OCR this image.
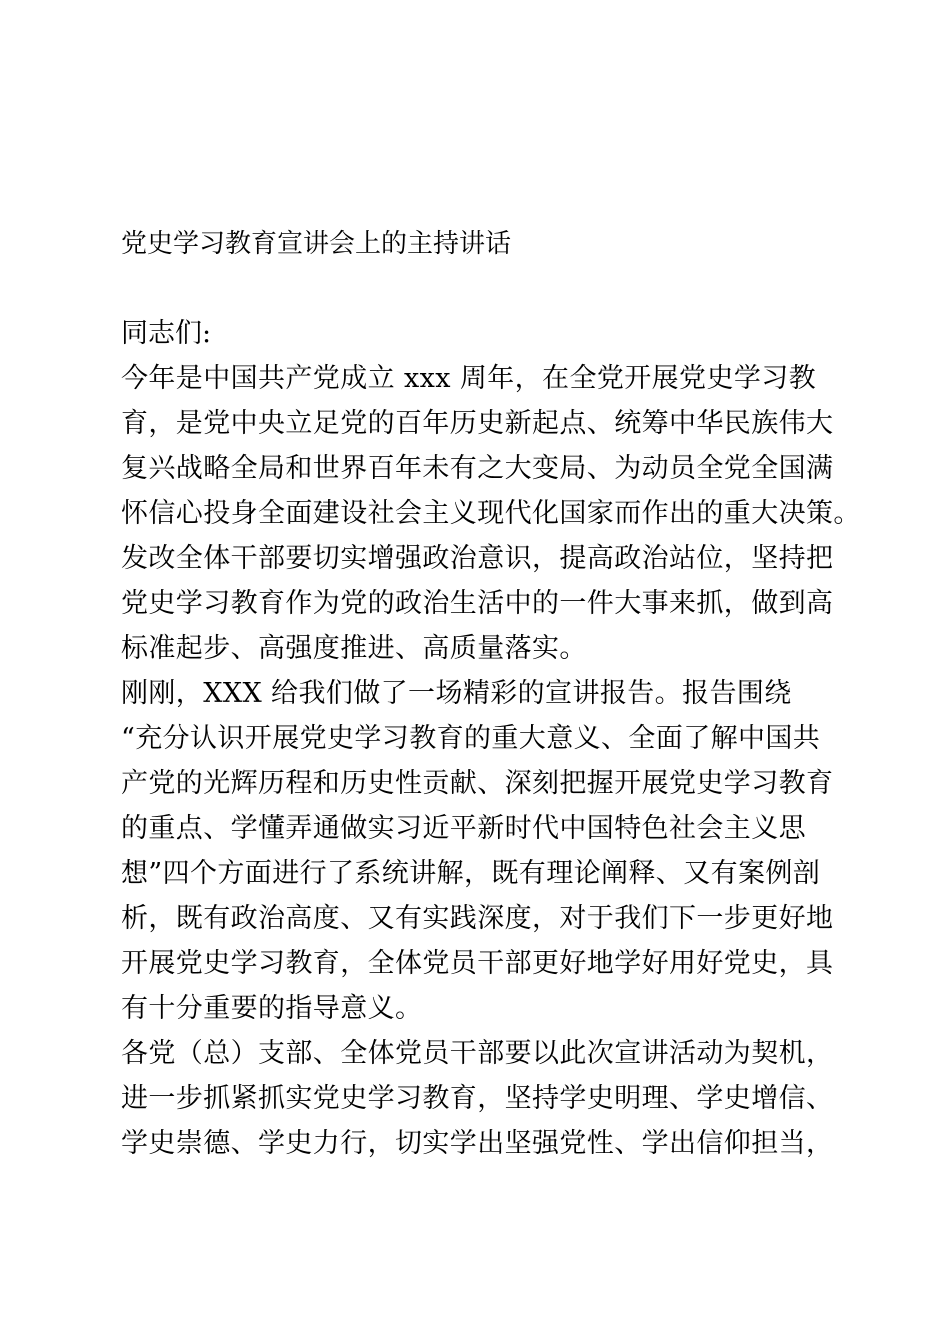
党史学习教育宣讲会上的主持讲话
同志们:
今年是中国共产党成立 xxx 周年，在全党开展党史学习教
育，是党中央立足党的百年历史新起点、统筹中华民族伟大
复兴战略全局和世界百年未有之大变局、为动员全党全国满
怀信心投身全面建设社会主义现代化国家而作出的重大决策。
发改全体干部要切实增强政治意识，提高政治站位，坚持把
党史学习教育作为党的政治生活中的一件大事来抓，做到高
标准起步、高强度推进、高质量落实。
刚刚，XXX 给我们做了一场精彩的宣讲报告。报告围绕
“充分认识开展党史学习教育的重大意义、全面了解中国共
产党的光辉历程和历史性贡献、深刻把握开展党史学习教育
的重点、学懂弄通做实习近平新时代中国特色社会主义思
想”四个方面进行了系统讲解，既有理论阐释、又有案例剖
析，既有政治高度、又有实践深度，对于我们下一步更好地
开展党史学习教育，全体党员干部更好地学好用好党史，具
有十分重要的指导意义。
各党（总）支部、全体党员干部要以此次宣讲活动为契机，
进一步抓紧抓实党史学习教育，坚持学史明理、学史增信、
学史崇德、学史力行，切实学出坚强党性、学出信仰担当，
